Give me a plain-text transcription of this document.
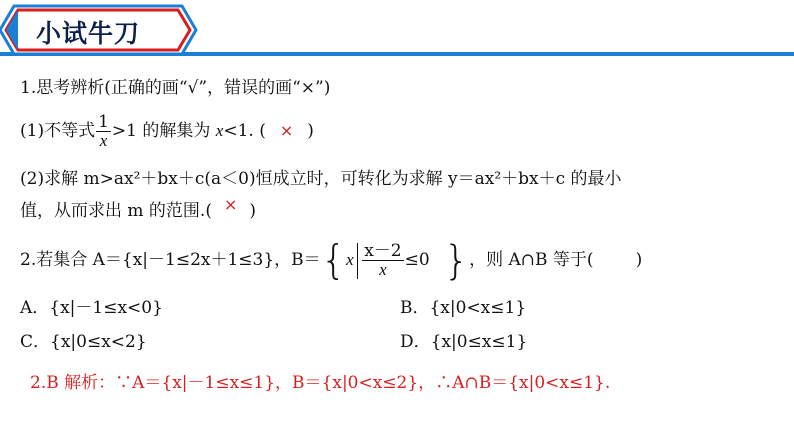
小试牛刀
1.思考辨析(正确的画“√”，错误的画“×”)
(1)不等式 $\frac{1}{x} >1$ 的解集为 x<1. ( × )
(2)求解 m>ax²＋bx＋c(a＜0)恒成立时，可转化为求解 y＝ax²＋bx＋c 的最小
值，从而求出 m 的范围.( × )
2.若集合 A＝{x|－1≤2x＋1≤3}，$B=\{x \frac{x-2}{x} \le 0$ }，则 A∩B 等于( )
A．{x|－1≤x<0}	B．{x|0<x≤1}
C．{x|0≤x<2}	D．{x|0≤x≤1}
2.B 解析：∵A＝{x|－1≤x≤1}，B＝{x|0<x≤2}，∴A∩B＝{x|0<x≤1}.
